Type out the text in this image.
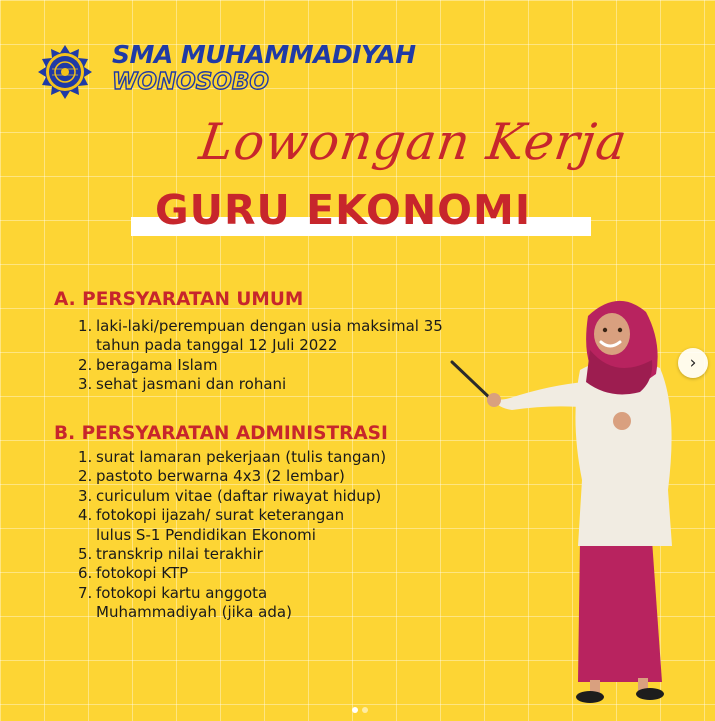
SMA MUHAMMADIYAH
WONOSOBO
Lowongan Kerja
GURU EKONOMI
A. PERSYARATAN UMUM
1. laki-laki/perempuan dengan usia maksimal 35
tahun pada tanggal 12 Juli 2022
2. beragama Islam
3. sehat jasmani dan rohani
B. PERSYARATAN ADMINISTRASI
1. surat lamaran pekerjaan (tulis tangan)
2. pastoto berwarna 4x3 (2 lembar)
3. curiculum vitae (daftar riwayat hidup)
4. fotokopi ijazah/ surat keterangan
lulus S-1 Pendidikan Ekonomi
5. transkrip nilai terakhir
6. fotokopi KTP
7. fotokopi kartu anggota
Muhammadiyah (jika ada)
›
